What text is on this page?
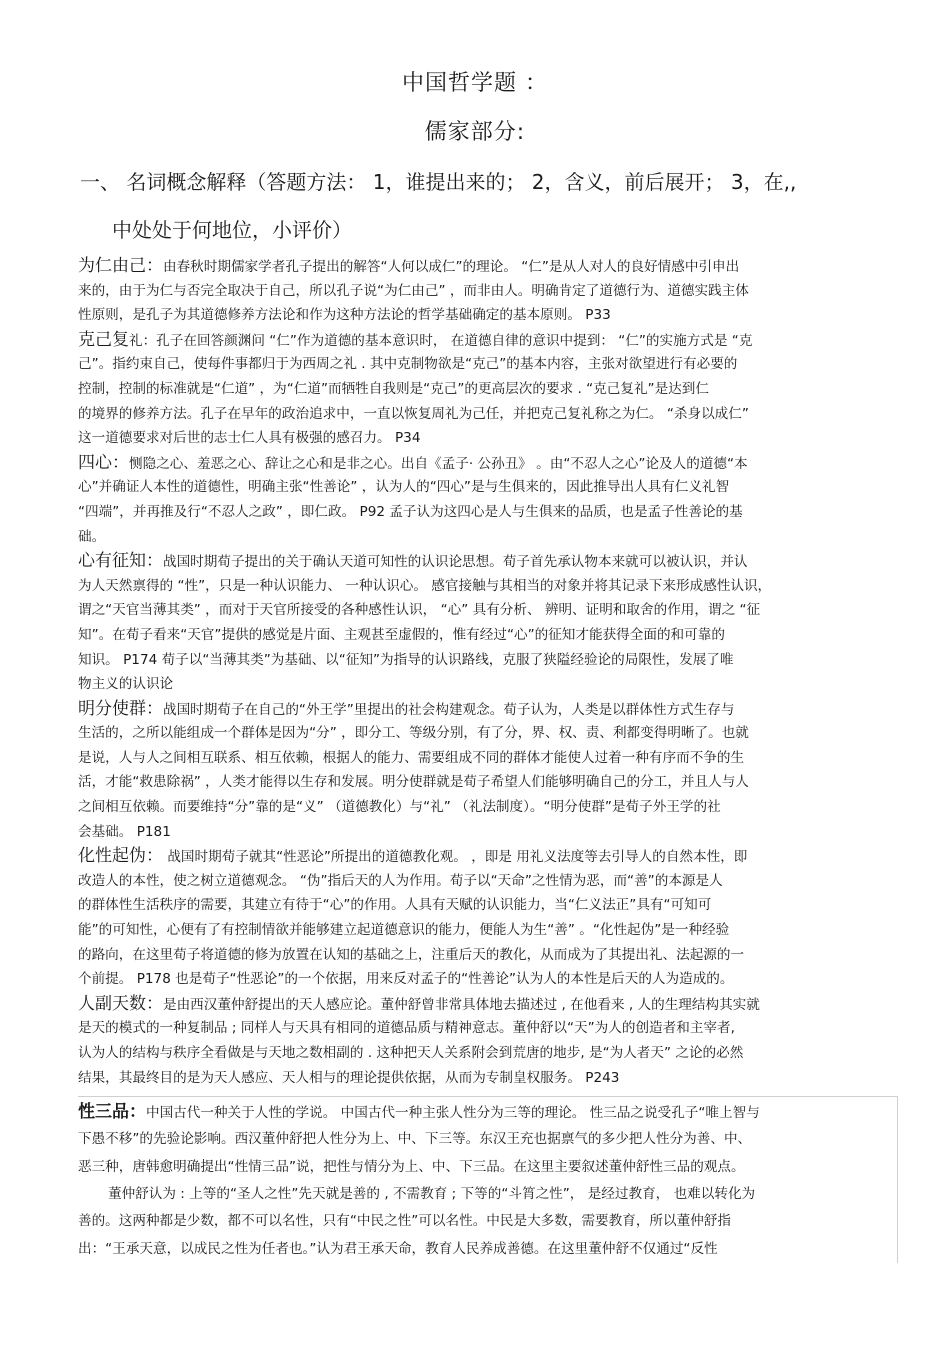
中国哲学题 ：
儒家部分:
一、 名词概念解释（答题方法： 1，谁提出来的； 2，含义，前后展开； 3，在,,
中处处于何地位，小评价）
为仁由己：由春秋时期儒家学者孔子提出的解答“人何以成仁”的理论。 “仁”是从人对人的良好情感中引申出
来的，由于为仁与否完全取决于自己，所以孔子说“为仁由己” ，而非由人。明确肯定了道德行为、道德实践主体
性原则，是孔子为其道德修养方法论和作为这种方法论的哲学基础确定的基本原则。 P33
克己复礼：孔子在回答颜渊问 “仁”作为道德的基本意识时， 在道德自律的意识中提到： “仁”的实施方式是 “克
己”。指约束自己，使每件事都归于为西周之礼 . 其中克制物欲是“克己”的基本内容，主张对欲望进行有必要的
控制，控制的标准就是“仁道” ，为“仁道”而牺牲自我则是“克己”的更高层次的要求 . “克己复礼”是达到仁
的境界的修养方法。孔子在早年的政治追求中，一直以恢复周礼为己任，并把克己复礼称之为仁。 “杀身以成仁”
这一道德要求对后世的志士仁人具有极强的感召力。 P34
四心：恻隐之心、羞恶之心、辞让之心和是非之心。出自《孟子· 公孙丑》 。由“不忍人之心”论及人的道德“本
心”并确证人本性的道德性，明确主张“性善论” ，认为人的“四心”是与生俱来的，因此推导出人具有仁义礼智
“四端”，并再推及行“不忍人之政” ，即仁政。 P92 孟子认为这四心是人与生俱来的品质，也是孟子性善论的基
础。
心有征知：战国时期荀子提出的关于确认天道可知性的认识论思想。荀子首先承认物本来就可以被认识，并认
为人天然禀得的 “性”，只是一种认识能力、 一种认识心。 感官接触与其相当的对象并将其记录下来形成感性认识，
谓之“天官当薄其类” ，而对于天官所接受的各种感性认识， “心” 具有分析、 辨明、证明和取舍的作用，谓之 “征
知”。在荀子看来“天官”提供的感觉是片面、主观甚至虚假的，惟有经过“心”的征知才能获得全面的和可靠的
知识。 P174 荀子以“当薄其类”为基础、以“征知”为指导的认识路线，克服了狭隘经验论的局限性，发展了唯
物主义的认识论
明分使群：战国时期荀子在自己的“外王学”里提出的社会构建观念。荀子认为，人类是以群体性方式生存与
生活的，之所以能组成一个群体是因为“分” ，即分工、等级分别，有了分，界、权、责、利都变得明晰了。也就
是说，人与人之间相互联系、相互依赖，根据人的能力、需要组成不同的群体才能使人过着一种有序而不争的生
活，才能“救患除祸” ，人类才能得以生存和发展。明分使群就是荀子希望人们能够明确自己的分工，并且人与人
之间相互依赖。而要维持“分”靠的是“义” （道德教化）与“礼” （礼法制度）。“明分使群”是荀子外王学的社
会基础。 P181
化性起伪： 战国时期荀子就其“性恶论”所提出的道德教化观。 ，即是 用礼义法度等去引导人的自然本性，即
改造人的本性，使之树立道德观念。 “伪”指后天的人为作用。荀子以“天命”之性情为恶，而“善”的本源是人
的群体性生活秩序的需要，其建立有待于“心”的作用。人具有天赋的认识能力，当“仁义法正”具有“可知可
能”的可知性，心便有了有控制情欲并能够建立起道德意识的能力，便能人为生“善” 。“化性起伪”是一种经验
的路向，在这里荀子将道德的修为放置在认知的基础之上，注重后天的教化，从而成为了其提出礼、法起源的一
个前提。 P178 也是荀子“性恶论”的一个依据，用来反对孟子的“性善论”认为人的本性是后天的人为造成的。
人副天数：是由西汉董仲舒提出的天人感应论。董仲舒曾非常具体地去描述过 , 在他看来 , 人的生理结构其实就
是天的模式的一种复制品 ; 同样人与天具有相同的道德品质与精神意志。董仲舒以“天”为人的创造者和主宰者,
认为人的结构与秩序全看做是与天地之数相副的 . 这种把天人关系附会到荒唐的地步, 是“为人者天” 之论的必然
结果，其最终目的是为天人感应、天人相与的理论提供依据，从而为专制皇权服务。 P243
性三品：中国古代一种关于人性的学说。 中国古代一种主张人性分为三等的理论。 性三品之说受孔子“唯上智与
下愚不移”的先验论影响。西汉董仲舒把人性分为上、中、下三等。东汉王充也据禀气的多少把人性分为善、中、
恶三种，唐韩愈明确提出“性情三品”说，把性与情分为上、中、下三品。在这里主要叙述董仲舒性三品的观点。
董仲舒认为 : 上等的“圣人之性”先天就是善的 , 不需教育 ; 下等的“斗筲之性”， 是经过教育， 也难以转化为
善的。这两种都是少数，都不可以名性，只有“中民之性”可以名性。中民是大多数，需要教育，所以董仲舒指
出：“王承天意，以成民之性为任者也。”认为君王承天命，教育人民养成善德。在这里董仲舒不仅通过“反性
